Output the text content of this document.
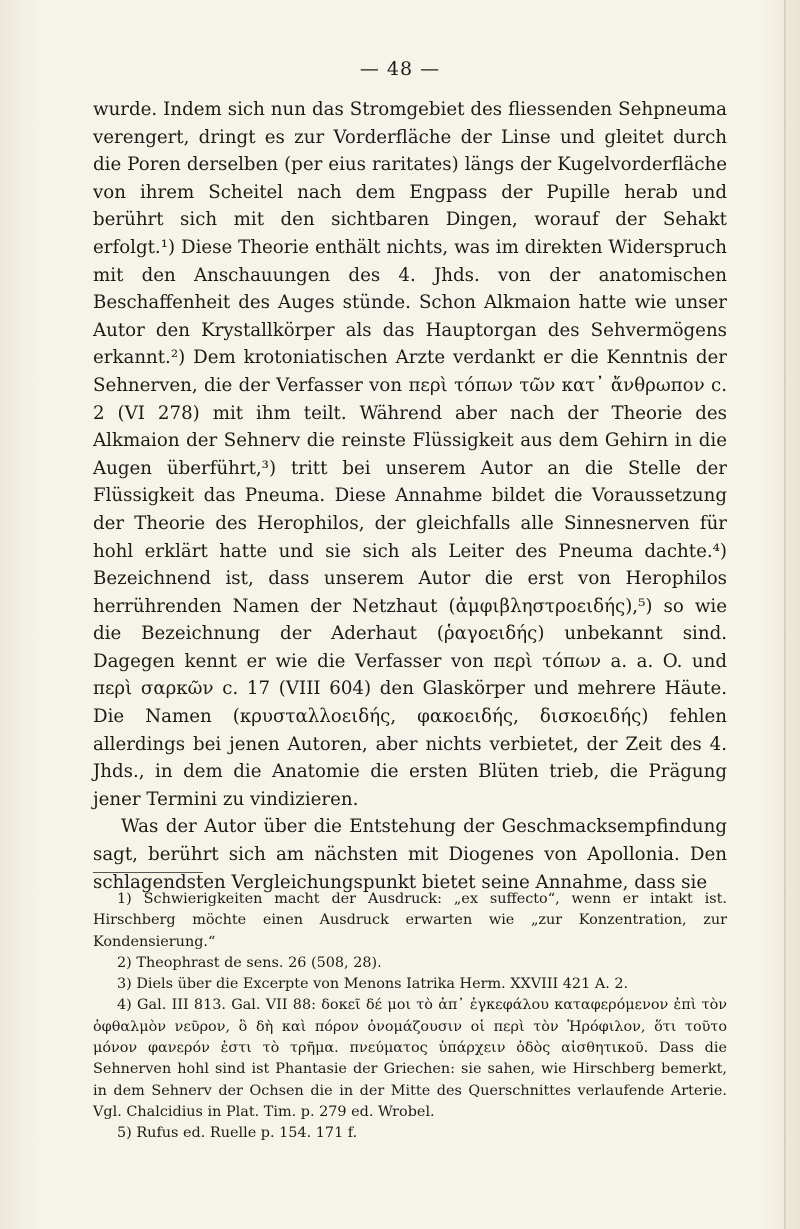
— 48 —

wurde. Indem sich nun das Stromgebiet des fliessenden Sehpneuma verengert, dringt es zur Vorderfläche der Linse und gleitet durch die Poren derselben (per eius raritates) längs der Kugelvorderfläche von ihrem Scheitel nach dem Engpass der Pupille herab und berührt sich mit den sichtbaren Dingen, worauf der Sehakt erfolgt.¹) Diese Theorie enthält nichts, was im direkten Widerspruch mit den Anschauungen des 4. Jhds. von der anatomischen Beschaffenheit des Auges stünde. Schon Alkmaion hatte wie unser Autor den Krystallkörper als das Hauptorgan des Sehvermögens erkannt.²) Dem krotoniatischen Arzte verdankt er die Kenntnis der Sehnerven, die der Verfasser von περὶ τόπων τῶν κατ᾽ ἄνθρωπον c. 2 (VI 278) mit ihm teilt. Während aber nach der Theorie des Alkmaion der Sehnerv die reinste Flüssigkeit aus dem Gehirn in die Augen überführt,³) tritt bei unserem Autor an die Stelle der Flüssigkeit das Pneuma. Diese Annahme bildet die Voraussetzung der Theorie des Herophilos, der gleichfalls alle Sinnesnerven für hohl erklärt hatte und sie sich als Leiter des Pneuma dachte.⁴) Bezeichnend ist, dass unserem Autor die erst von Herophilos herrührenden Namen der Netzhaut (ἀμφιβληστροειδής),⁵) so wie die Bezeichnung der Aderhaut (ῥαγοειδής) unbekannt sind. Dagegen kennt er wie die Verfasser von περὶ τόπων a. a. O. und περὶ σαρκῶν c. 17 (VIII 604) den Glaskörper und mehrere Häute. Die Namen (κρυσταλλοειδής, φακοειδής, δισκοειδής) fehlen allerdings bei jenen Autoren, aber nichts verbietet, der Zeit des 4. Jhds., in dem die Anatomie die ersten Blüten trieb, die Prägung jener Termini zu vindizieren.

Was der Autor über die Entstehung der Geschmacksempfindung sagt, berührt sich am nächsten mit Diogenes von Apollonia. Den schlagendsten Vergleichungspunkt bietet seine Annahme, dass sie

1) Schwierigkeiten macht der Ausdruck: „ex suffecto“, wenn er intakt ist. Hirschberg möchte einen Ausdruck erwarten wie „zur Konzentration, zur Kondensierung.“

2) Theophrast de sens. 26 (508, 28).

3) Diels über die Excerpte von Menons Iatrika Herm. XXVIII 421 A. 2.

4) Gal. III 813. Gal. VII 88: δοκεῖ δέ μοι τὸ ἀπ᾽ ἐγκεφάλου καταφερόμενον ἐπὶ τὸν ὀφθαλμὸν νεῦρον, ὃ δὴ καὶ πόρον ὀνομάζουσιν οἱ περὶ τὸν Ἡρόφιλον, ὅτι τοῦτο μόνον φανερόν ἐστι τὸ τρῆμα. πνεύματος ὑπάρχειν ὁδὸς αἰσθητικοῦ. Dass die Sehnerven hohl sind ist Phantasie der Griechen: sie sahen, wie Hirschberg bemerkt, in dem Sehnerv der Ochsen die in der Mitte des Querschnittes verlaufende Arterie. Vgl. Chalcidius in Plat. Tim. p. 279 ed. Wrobel.

5) Rufus ed. Ruelle p. 154. 171 f.
